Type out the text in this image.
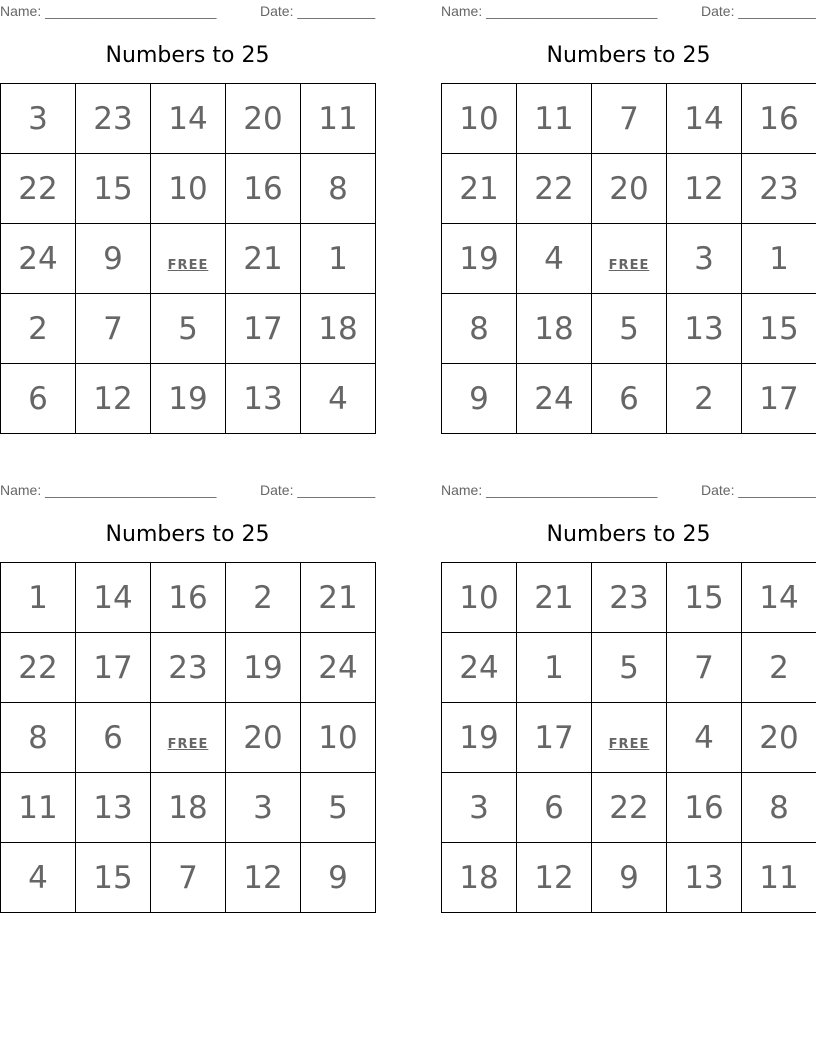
Name: ______________________	Date: __________
Numbers to 25
3	23	14	20	11
22	15	10	16	8
24	9	FREE	21	1
2	7	5	17	18
6	12	19	13	4
Name: ______________________	Date: __________
Numbers to 25
10	11	7	14	16
21	22	20	12	23
19	4	FREE	3	1
8	18	5	13	15
9	24	6	2	17
Name: ______________________	Date: __________
Numbers to 25
1	14	16	2	21
22	17	23	19	24
8	6	FREE	20	10
11	13	18	3	5
4	15	7	12	9
Name: ______________________	Date: __________
Numbers to 25
10	21	23	15	14
24	1	5	7	2
19	17	FREE	4	20
3	6	22	16	8
18	12	9	13	11
